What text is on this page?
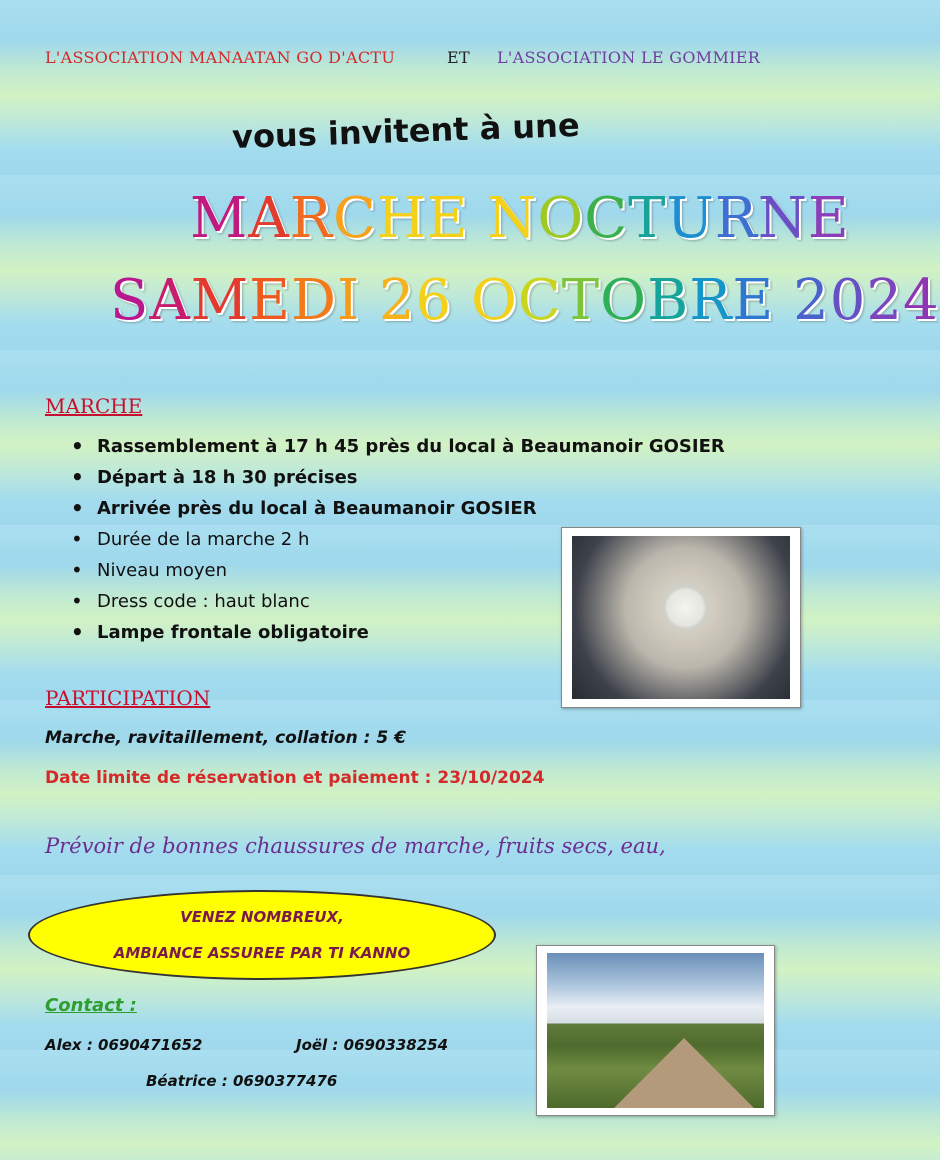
L'ASSOCIATION MANAATAN GO D'ACTU	ET L'ASSOCIATION LE GOMMIER
vous invitent à une
MARCHE NOCTURNE
SAMEDI 26 OCTOBRE 2024
MARCHE
• Rassemblement à 17 h 45 près du local à Beaumanoir GOSIER
• Départ à 18 h 30 précises
• Arrivée près du local à Beaumanoir GOSIER
• Durée de la marche 2 h
• Niveau moyen
• Dress code : haut blanc
• Lampe frontale obligatoire
PARTICIPATION
Marche, ravitaillement, collation : 5 €
Date limite de réservation et paiement : 23/10/2024
Prévoir de bonnes chaussures de marche, fruits secs, eau,
VENEZ NOMBREUX,
AMBIANCE ASSUREE PAR TI KANNO
Contact :
Alex : 0690471652	Joël : 0690338254
Béatrice : 0690377476
